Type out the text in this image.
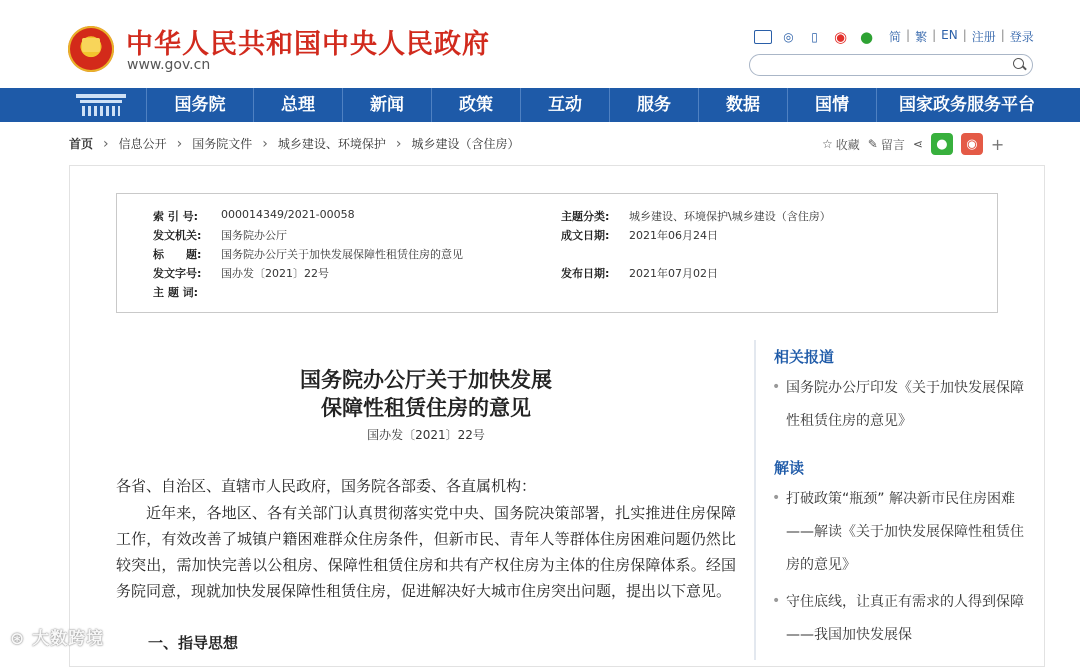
中华人民共和国中央人民政府
www.gov.cn
◎	▯	◉ ● 简 | 繁 | EN | 注册 | 登录
国务院	总理	新闻	政策	互动	服务	数据	国情	国家政务服务平台
首页 › 信息公开 › 国务院文件 › 城乡建设、环境保护 › 城乡建设（含住房）	☆ 收藏 ✎ 留言 ⋖	●	◉ +
索 引 号:	000014349/2021-00058	主题分类:	城乡建设、环境保护\城乡建设（含住房）
发文机关:	国务院办公厅	成文日期:	2021年06月24日
标　　题:	国务院办公厅关于加快发展保障性租赁住房的意见
发文字号:	国办发〔2021〕22号	发布日期:	2021年07月02日
主 题 词:
国务院办公厅关于加快发展
保障性租赁住房的意见
国办发〔2021〕22号
各省、自治区、直辖市人民政府，国务院各部委、各直属机构：
近年来，各地区、各有关部门认真贯彻落实党中央、国务院决策部署，扎实推进住房保障工作，有效改善了城镇户籍困难群众住房条件，但新市民、青年人等群体住房困难问题仍然比较突出，需加快完善以公租房、保障性租赁住房和共有产权住房为主体的住房保障体系。经国务院同意，现就加快发展保障性租赁住房，促进解决好大城市住房突出问题，提出以下意见。
一、指导思想
相关报道
• 国务院办公厅印发《关于加快发展保障性租赁住房的意见》
解读
• 打破政策“瓶颈” 解决新市民住房困难——解读《关于加快发展保障性租赁住房的意见》
• 守住底线，让真正有需求的人得到保障——我国加快发展保
⊛ 大数跨境
